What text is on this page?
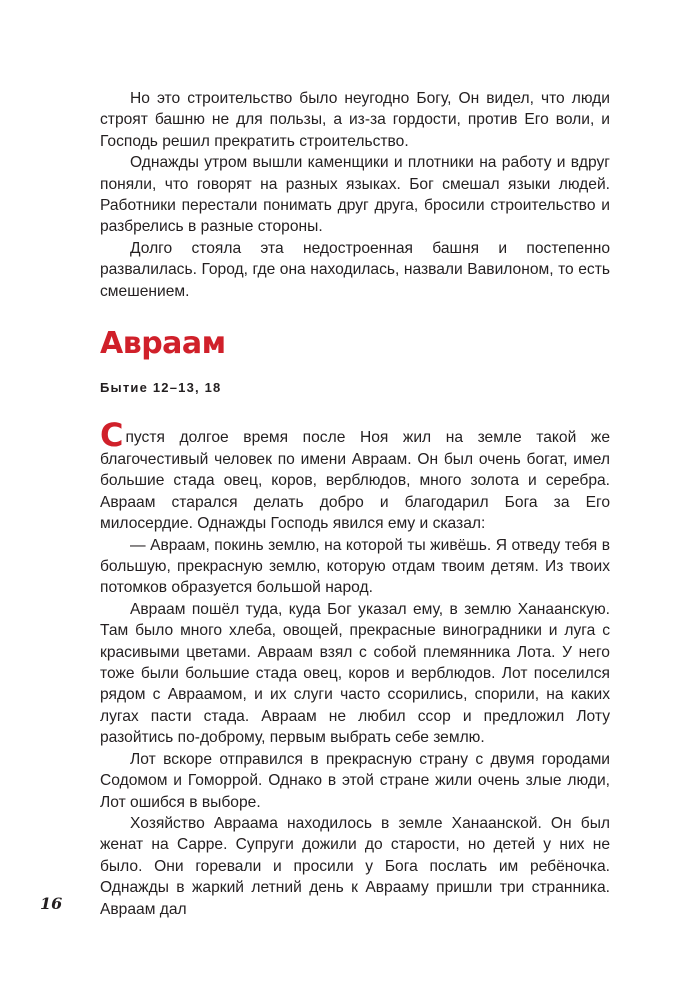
Но это строительство было неугодно Богу, Он видел, что люди строят башню не для пользы, а из-за гордости, против Его воли, и Господь решил прекратить строительство.

Однажды утром вышли каменщики и плотники на работу и вдруг поняли, что говорят на разных языках. Бог смешал языки людей. Работники перестали понимать друг друга, бросили строительство и разбрелись в разные стороны.

Долго стояла эта недостроенная башня и постепенно развалилась. Город, где она находилась, назвали Вавилоном, то есть смешением.

Авраам
Бытие 12–13, 18

Спустя долгое время после Ноя жил на земле такой же благочестивый человек по имени Авраам. Он был очень богат, имел большие стада овец, коров, верблюдов, много золота и серебра. Авраам старался делать добро и благодарил Бога за Его милосердие. Однажды Господь явился ему и сказал:

— Авраам, покинь землю, на которой ты живёшь. Я отведу тебя в большую, прекрасную землю, которую отдам твоим детям. Из твоих потомков образуется большой народ.

Авраам пошёл туда, куда Бог указал ему, в землю Ханаанскую. Там было много хлеба, овощей, прекрасные виноградники и луга с красивыми цветами. Авраам взял с собой племянника Лота. У него тоже были большие стада овец, коров и верблюдов. Лот поселился рядом с Авраамом, и их слуги часто ссорились, спорили, на каких лугах пасти стада. Авраам не любил ссор и предложил Лоту разойтись по-доброму, первым выбрать себе землю.

Лот вскоре отправился в прекрасную страну с двумя городами Содомом и Гоморрой. Однако в этой стране жили очень злые люди, Лот ошибся в выборе.

Хозяйство Авраама находилось в земле Ханаанской. Он был женат на Сарре. Супруги дожили до старости, но детей у них не было. Они горевали и просили у Бога послать им ребёночка. Однажды в жаркий летний день к Аврааму пришли три странника. Авраам дал

16
